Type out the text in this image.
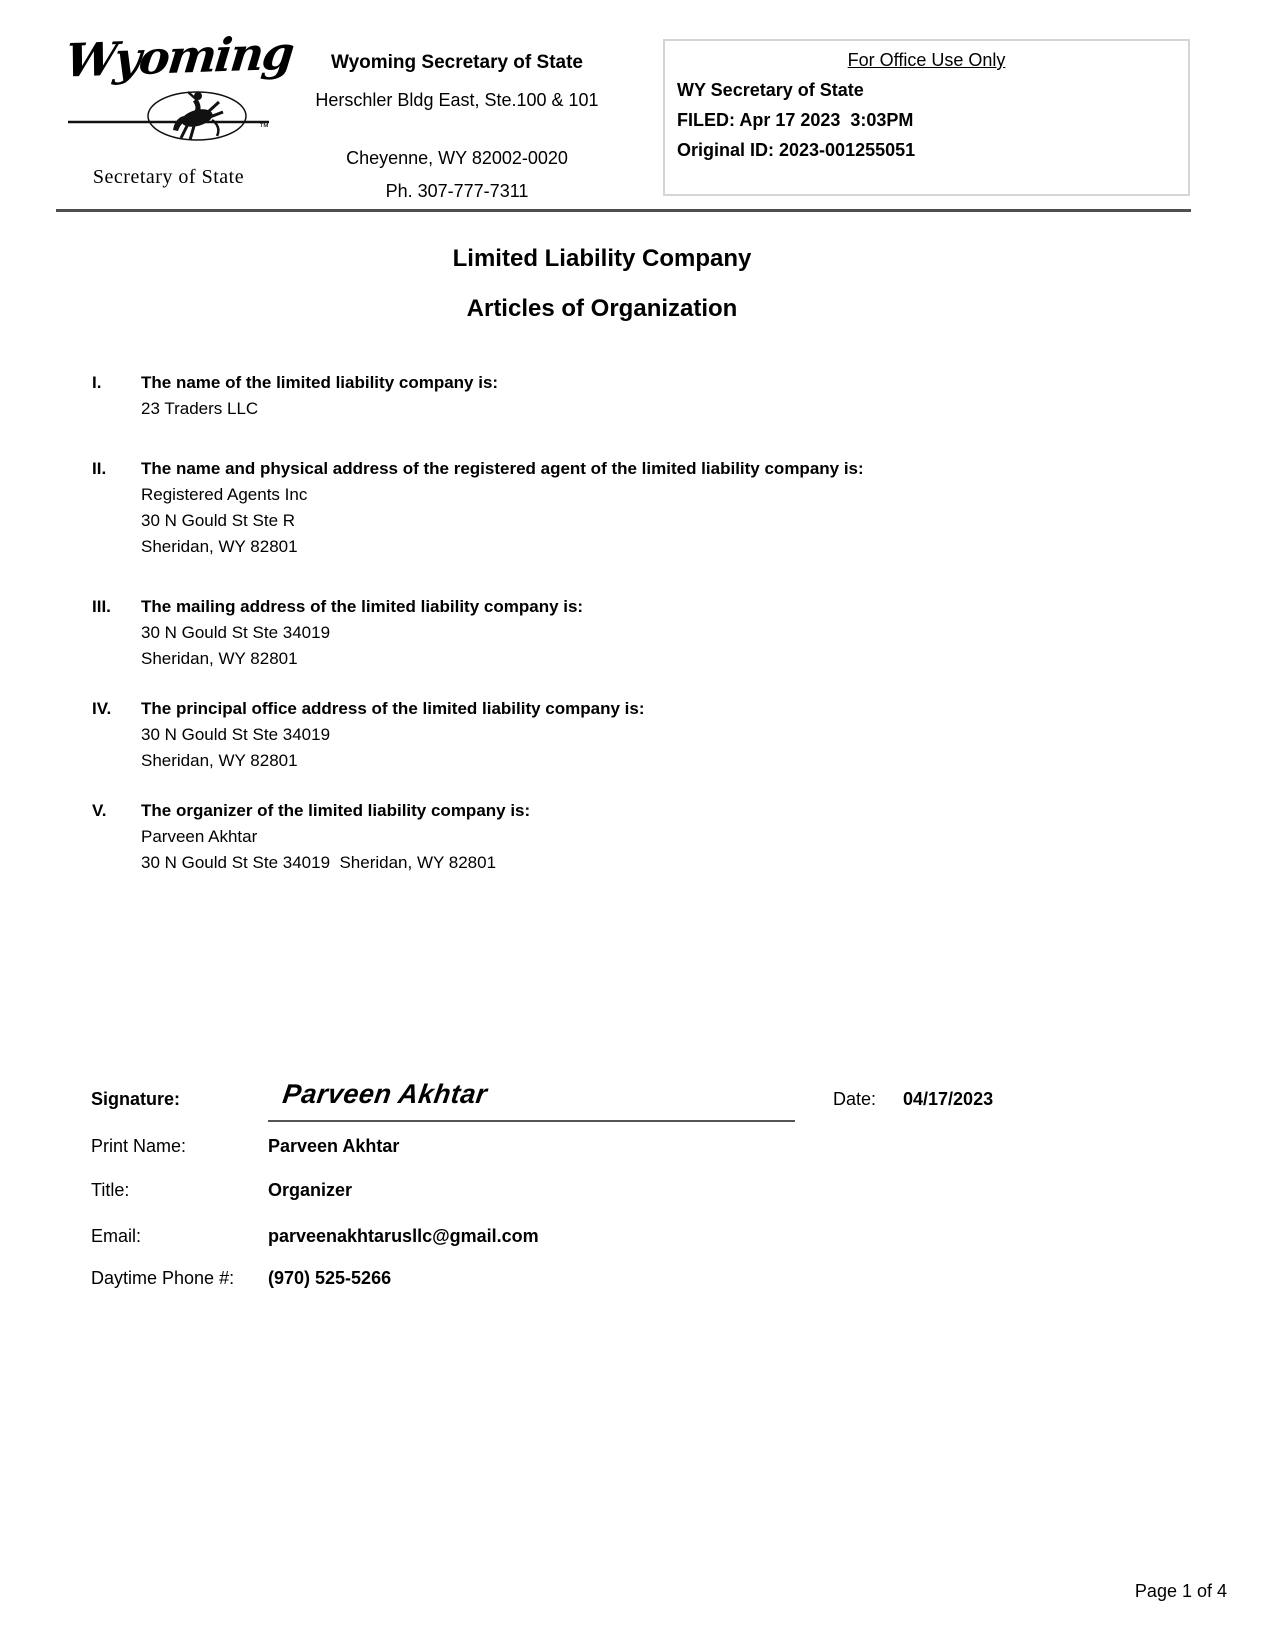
Wyoming
™
Secretary of State
Wyoming Secretary of State
Herschler Bldg East, Ste.100 & 101
Cheyenne, WY 82002-0020
Ph. 307-777-7311
For Office Use Only
WY Secretary of State
FILED: Apr 17 2023  3:03PM
Original ID: 2023-001255051
Limited Liability Company
Articles of Organization
I. The name of the limited liability company is:
23 Traders LLC
II. The name and physical address of the registered agent of the limited liability company is:
Registered Agents Inc
30 N Gould St Ste R
Sheridan, WY 82801
III. The mailing address of the limited liability company is:
30 N Gould St Ste 34019
Sheridan, WY 82801
IV. The principal office address of the limited liability company is:
30 N Gould St Ste 34019
Sheridan, WY 82801
V. The organizer of the limited liability company is:
Parveen Akhtar
30 N Gould St Ste 34019  Sheridan, WY 82801
Signature:	Parveen Akhtar	Date: 04/17/2023
Print Name:	Parveen Akhtar
Title:	Organizer
Email:	parveenakhtarusllc@gmail.com
Daytime Phone #: (970) 525-5266
Page 1 of 4
